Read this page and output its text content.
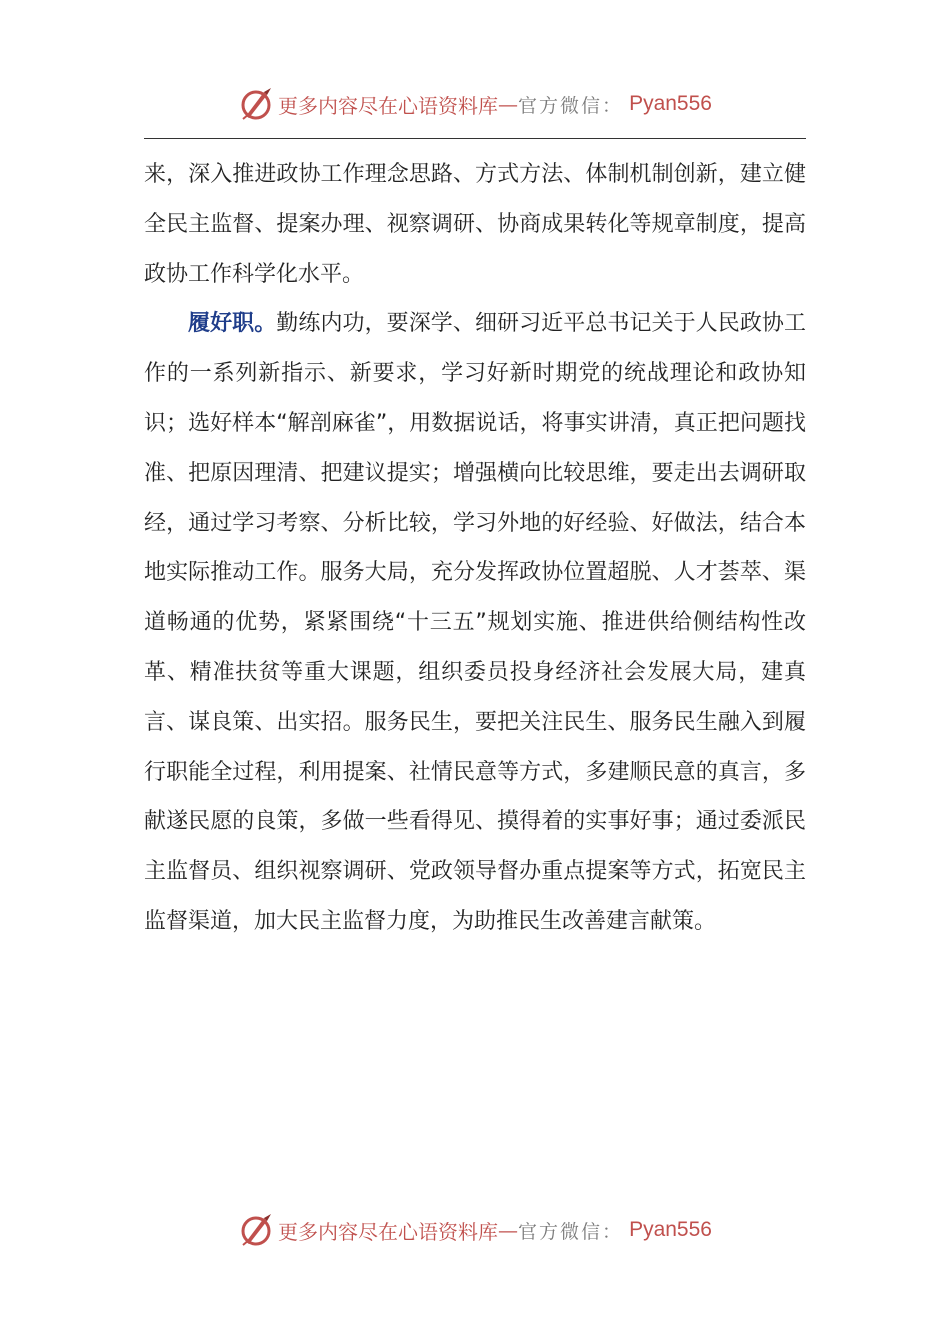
更多内容尽在心语资料库 — 官方微信 ： Pyan556

来，深入推进政协工作理念思路、方式方法、体制机制创新，建立健全民主监督、提案办理、视察调研、协商成果转化等规章制度，提高政协工作科学化水平。

履好职。勤练内功，要深学、细研习近平总书记关于人民政协工作的一系列新指示、新要求，学习好新时期党的统战理论和政协知识；选好样本“解剖麻雀”，用数据说话，将事实讲清，真正把问题找准、把原因理清、把建议提实；增强横向比较思维，要走出去调研取经，通过学习考察、分析比较，学习外地的好经验、好做法，结合本地实际推动工作。服务大局，充分发挥政协位置超脱、人才荟萃、渠道畅通的优势，紧紧围绕“十三五”规划实施、推进供给侧结构性改革、精准扶贫等重大课题，组织委员投身经济社会发展大局，建真言、谋良策、出实招。服务民生，要把关注民生、服务民生融入到履行职能全过程，利用提案、社情民意等方式，多建顺民意的真言，多献遂民愿的良策，多做一些看得见、摸得着的实事好事；通过委派民主监督员、组织视察调研、党政领导督办重点提案等方式，拓宽民主监督渠道，加大民主监督力度，为助推民生改善建言献策。

更多内容尽在心语资料库 — 官方微信 ： Pyan556
